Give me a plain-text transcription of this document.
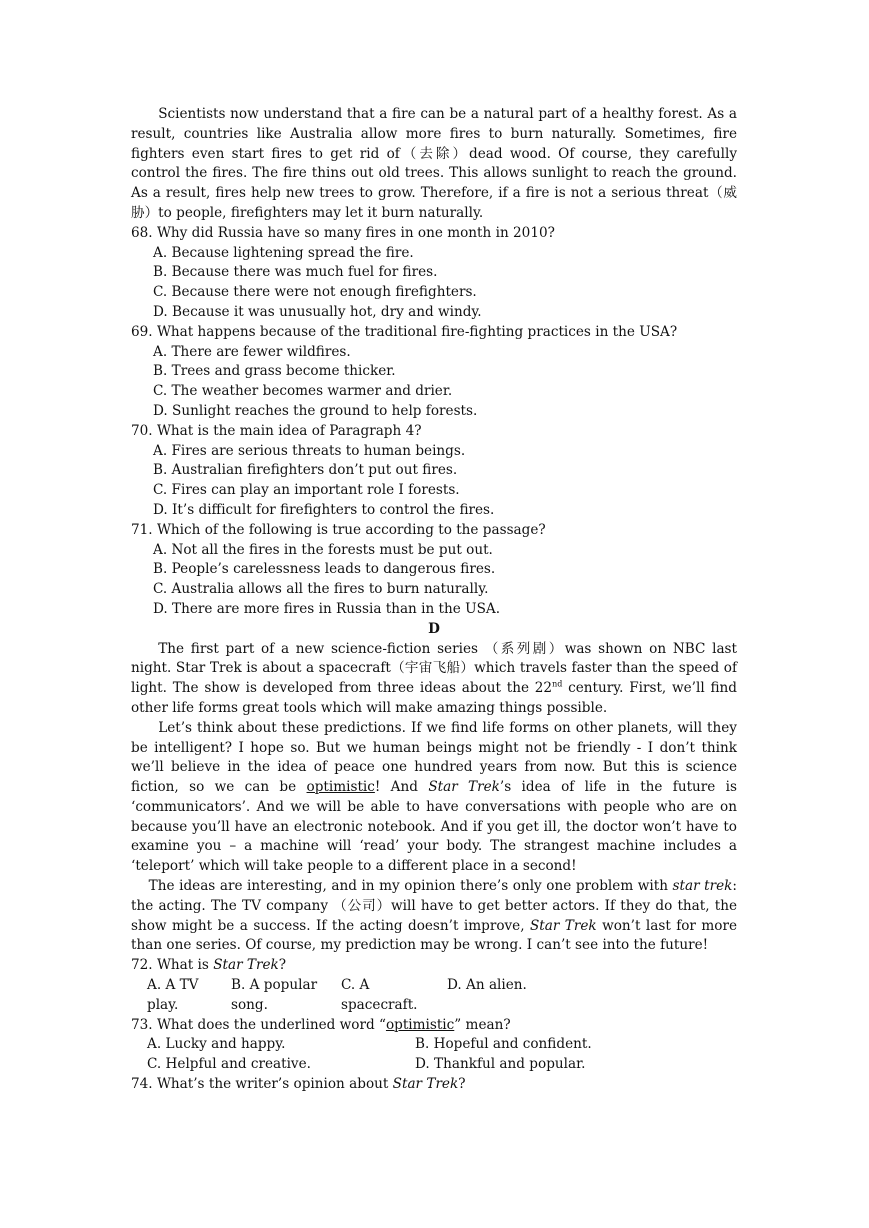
Scientists now understand that a fire can be a natural part of a healthy forest. As a result, countries like Australia allow more fires to burn naturally. Sometimes, fire fighters even start fires to get rid of（去除）dead wood. Of course, they carefully control the fires. The fire thins out old trees. This allows sunlight to reach the ground. As a result, fires help new trees to grow. Therefore, if a fire is not a serious threat（威胁）to people, firefighters may let it burn naturally.

68. Why did Russia have so many fires in one month in 2010?

A. Because lightening spread the fire.

B. Because there was much fuel for fires.

C. Because there were not enough firefighters.

D. Because it was unusually hot, dry and windy.

69. What happens because of the traditional fire-fighting practices in the USA?

A. There are fewer wildfires.

B. Trees and grass become thicker.

C. The weather becomes warmer and drier.

D. Sunlight reaches the ground to help forests.

70. What is the main idea of Paragraph 4?

A. Fires are serious threats to human beings.

B. Australian firefighters don’t put out fires.

C. Fires can play an important role I forests.

D. It’s difficult for firefighters to control the fires.

71. Which of the following is true according to the passage?

A. Not all the fires in the forests must be put out.

B. People’s carelessness leads to dangerous fires.

C. Australia allows all the fires to burn naturally.

D. There are more fires in Russia than in the USA.

D

The first part of a new science-fiction series （系列剧）was shown on NBC last night. Star Trek is about a spacecraft（宇宙飞船）which travels faster than the speed of light. The show is developed from three ideas about the 22nd century. First, we’ll find other life forms great tools which will make amazing things possible.

Let’s think about these predictions. If we find life forms on other planets, will they be intelligent? I hope so. But we human beings might not be friendly - I don’t think we’ll believe in the idea of peace one hundred years from now. But this is science fiction, so we can be optimistic! And Star Trek’s idea of life in the future is ‘communicators’. And we will be able to have conversations with people who are on because you’ll have an electronic notebook. And if you get ill, the doctor won’t have to examine you – a machine will ‘read’ your body. The strangest machine includes a ‘teleport’ which will take people to a different place in a second!

The ideas are interesting, and in my opinion there’s only one problem with star trek: the acting. The TV company （公司）will have to get better actors. If they do that, the show might be a success. If the acting doesn’t improve, Star Trek won’t last for more than one series. Of course, my prediction may be wrong. I can’t see into the future!

72. What is Star Trek?

A. A TV play.
B. A popular song.
C. A spacecraft.
D. An alien.

73. What does the underlined word “optimistic” mean?

A. Lucky and happy.	B. Hopeful and confident.

C. Helpful and creative.	D. Thankful and popular.

74. What’s the writer’s opinion about Star Trek?
